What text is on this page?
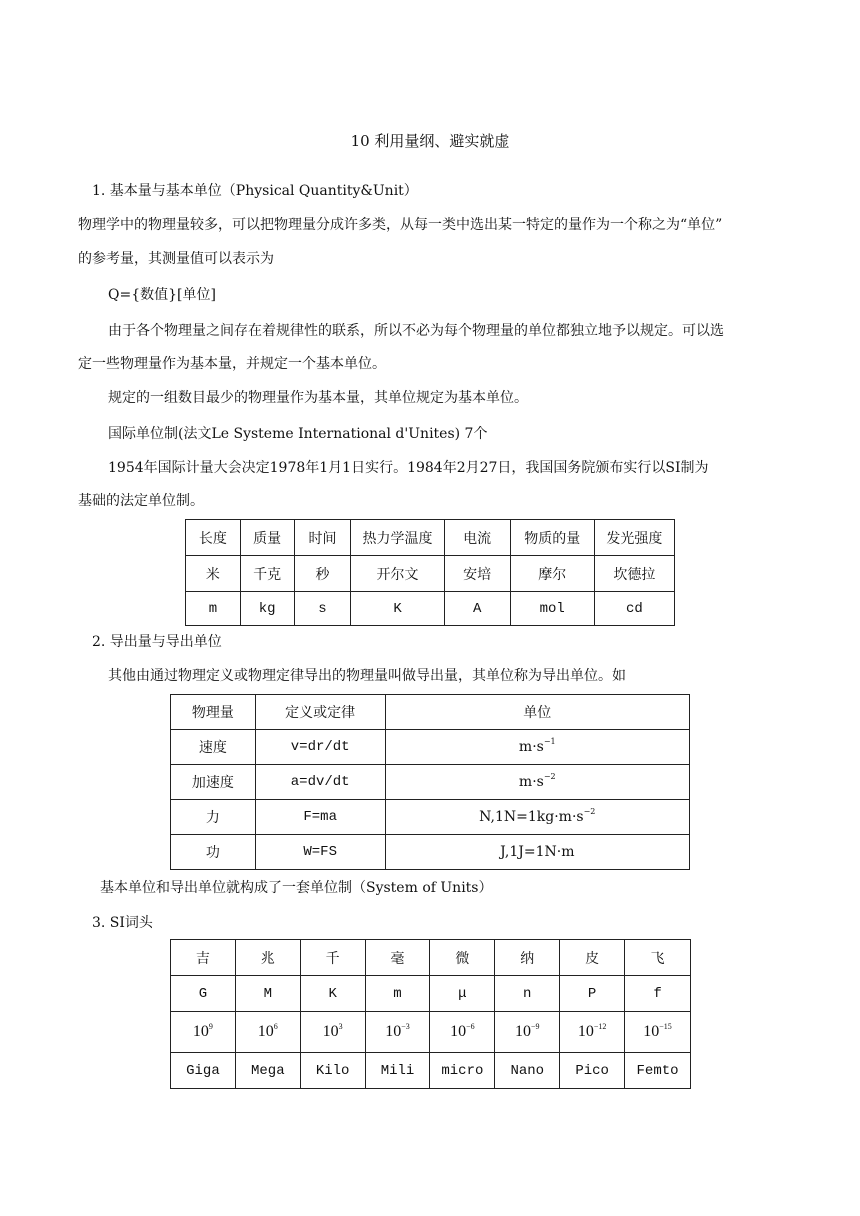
10 利用量纲、避实就虚
1. 基本量与基本单位（Physical Quantity&Unit）
物理学中的物理量较多，可以把物理量分成许多类，从每一类中选出某一特定的量作为一个称之为“单位”
的参考量，其测量值可以表示为
Q={数值}[单位]
由于各个物理量之间存在着规律性的联系，所以不必为每个物理量的单位都独立地予以规定。可以选
定一些物理量作为基本量，并规定一个基本单位。
规定的一组数目最少的物理量作为基本量，其单位规定为基本单位。
国际单位制(法文Le Systeme International d'Unites) 7个
1954年国际计量大会决定1978年1月1日实行。1984年2月27日，我国国务院颁布实行以SI制为
基础的法定单位制。
长度	质量	时间	热力学温度	电流	物质的量	发光强度
米	千克	秒	开尔文	安培	摩尔	坎德拉
m	kg	s	K	A	mol	cd
2. 导出量与导出单位
其他由通过物理定义或物理定律导出的物理量叫做导出量，其单位称为导出单位。如
物理量	定义或定律	单位
速度	v=dr/dt	$m\cdot s^{-1}$
加速度	a=dv/dt	$m\cdot s^{-2}$
力	F=ma	$N,1N=1kg\cdot m\cdot s^{-2}$
功	W=FS	J,1J=1N·m
基本单位和导出单位就构成了一套单位制（System of Units）
3. SI词头
吉	兆	千	毫	微	纳	皮	飞
G	M	K	m	μ	n	P	f
$10^9$	$10^6$	$10^3$	$10^{-3}$	$10^{-6}$	$10^{-9}$	$10^{-12}$	$10^{-15}$
Giga	Mega	Kilo	Mili	micro	Nano	Pico	Femto
